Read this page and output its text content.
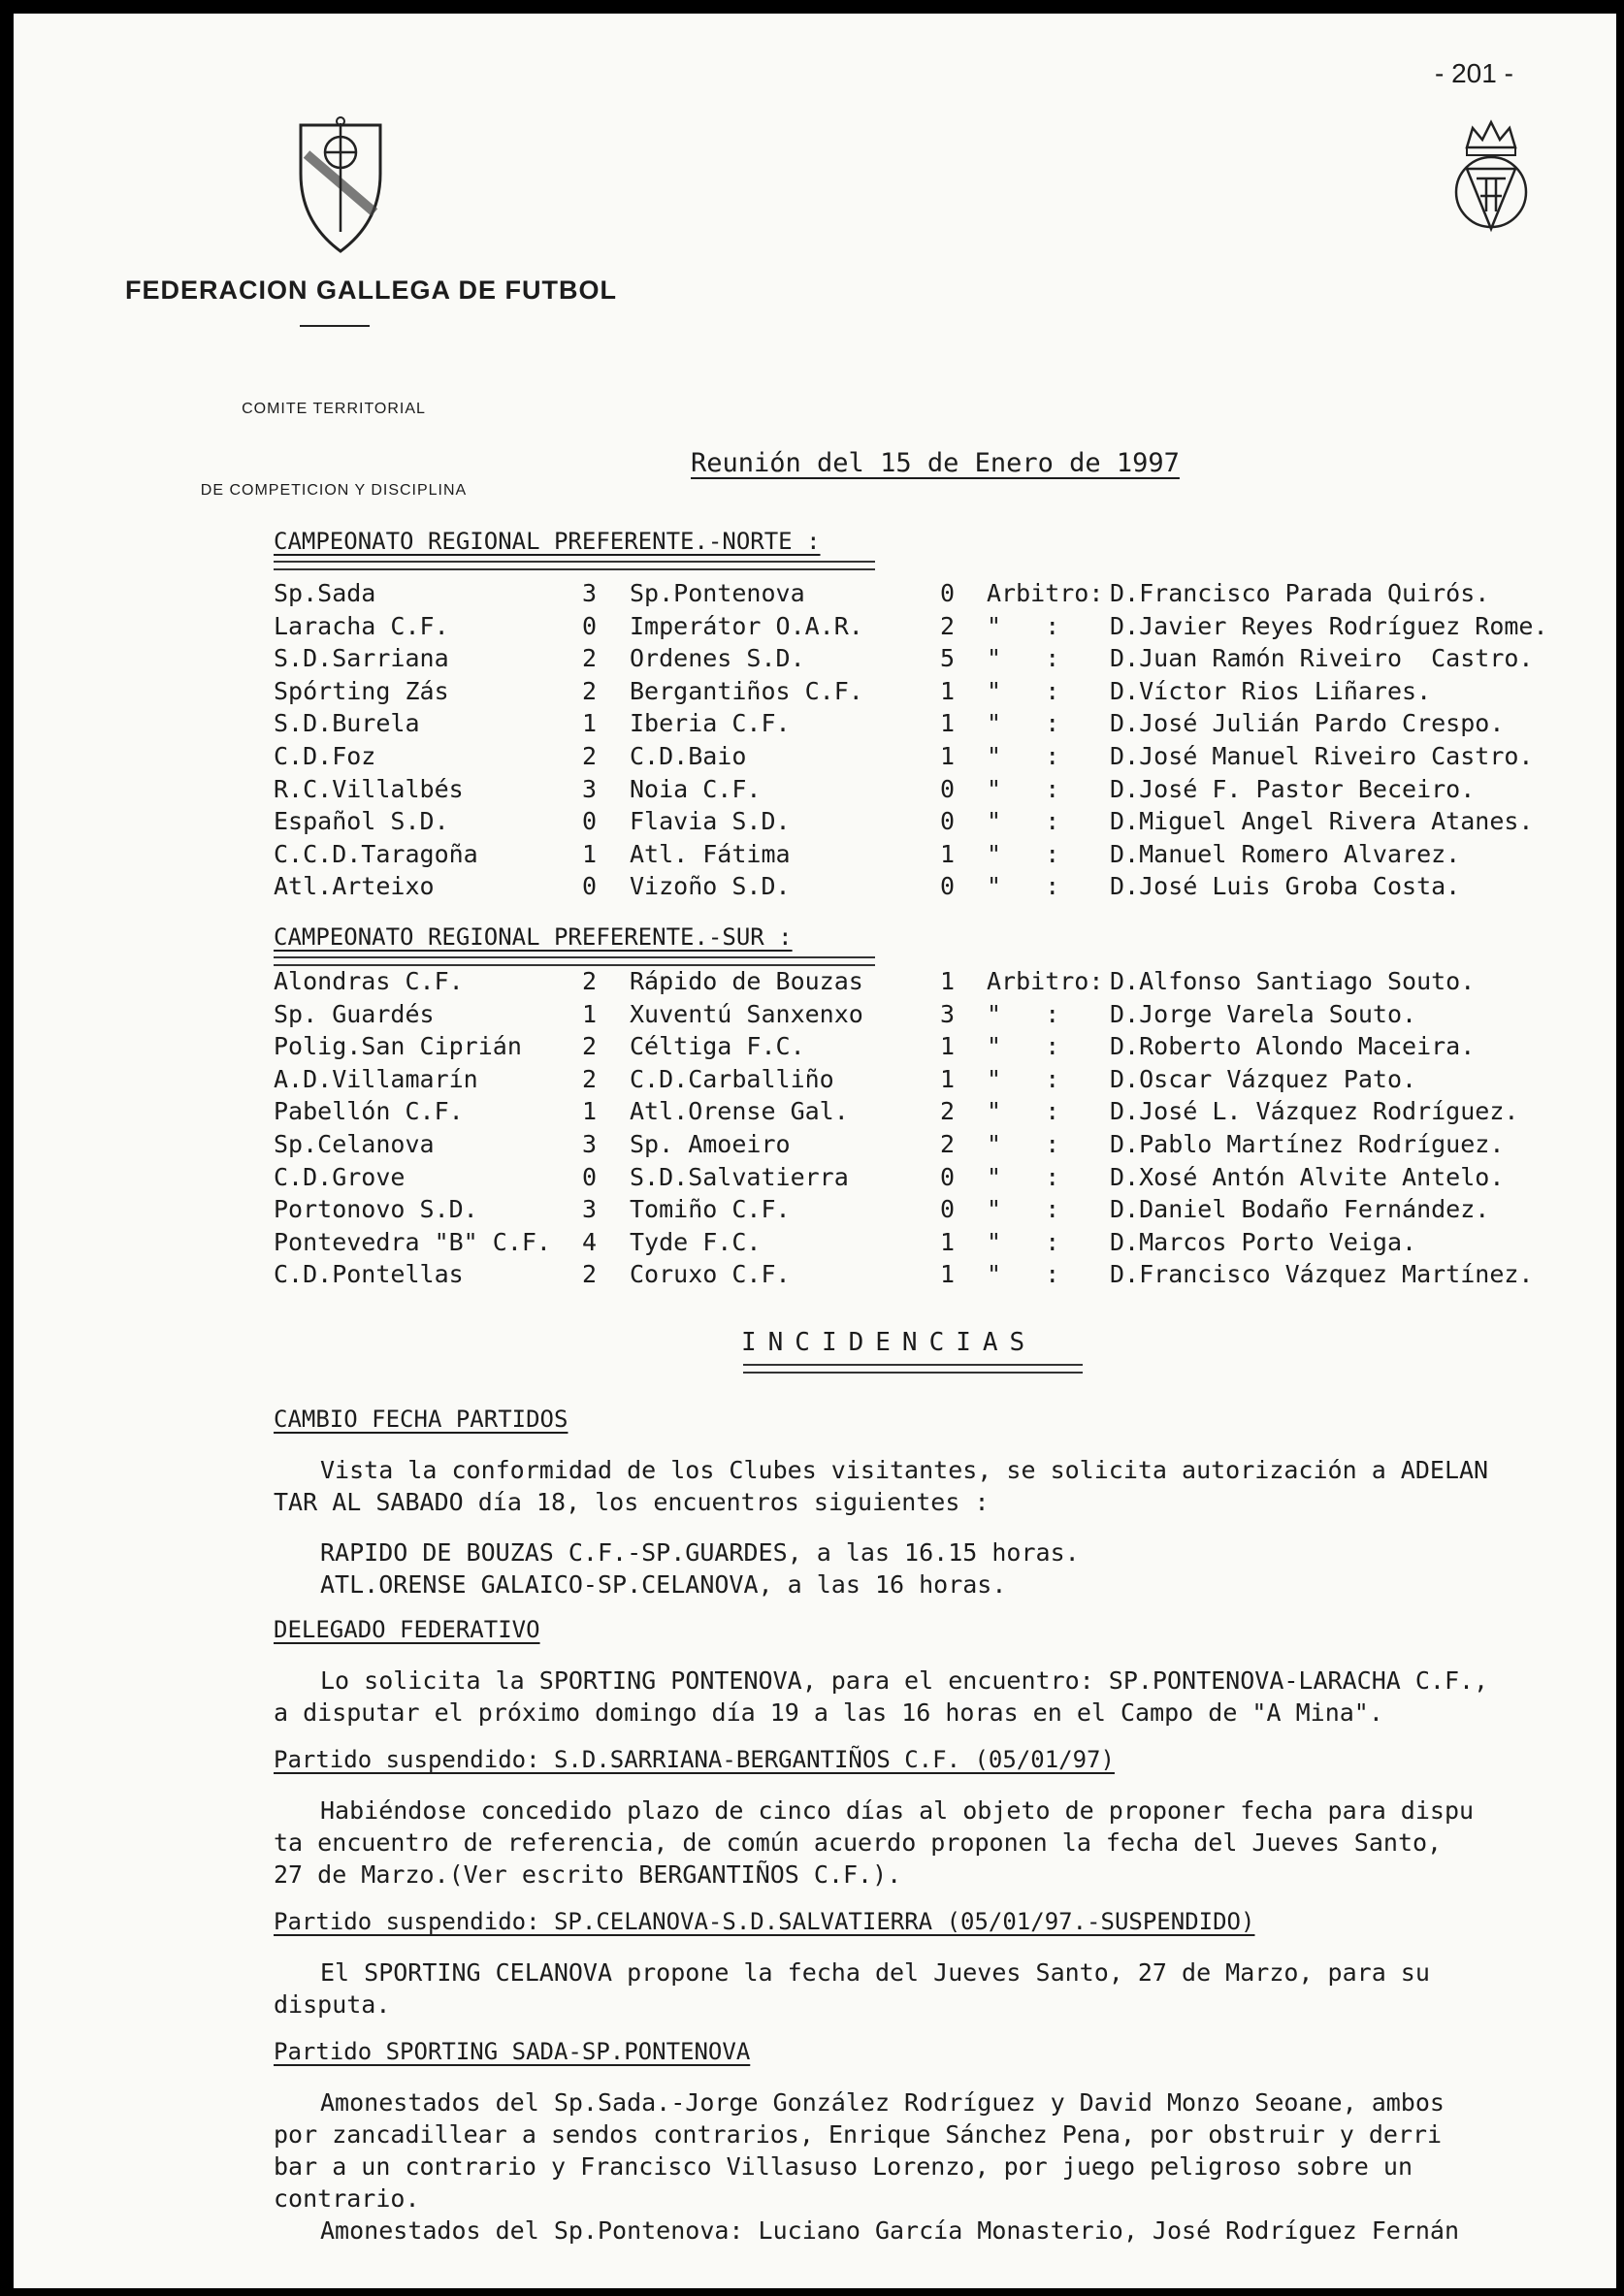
- 201 -
FEDERACION GALLEGA DE FUTBOL

COMITE TERRITORIAL

DE COMPETICION Y DISCIPLINA

Reunión del 15 de Enero de 1997
CAMPEONATO REGIONAL PREFERENTE.-NORTE :
Sp.Sada	3 Sp.Pontenova	0 Arbitro: D.Francisco Parada Quirós.
Laracha C.F.	0 Imperátor O.A.R.	2 "   : D.Javier Reyes Rodríguez Rome.
S.D.Sarriana	2 Ordenes S.D.	5 "   : D.Juan Ramón Riveiro  Castro.
Spórting Zás	2 Bergantiños C.F.	1 "   : D.Víctor Rios Liñares.
S.D.Burela	1 Iberia C.F.	1 "   : D.José Julián Pardo Crespo.
C.D.Foz	2 C.D.Baio	1 "   : D.José Manuel Riveiro Castro.
R.C.Villalbés	3 Noia C.F.	0 "   : D.José F. Pastor Beceiro.
Español S.D.	0 Flavia S.D.	0 "   : D.Miguel Angel Rivera Atanes.
C.C.D.Taragoña	1 Atl. Fátima	1 "   : D.Manuel Romero Alvarez.
Atl.Arteixo	0 Vizoño S.D.	0 "   : D.José Luis Groba Costa.
CAMPEONATO REGIONAL PREFERENTE.-SUR :
Alondras C.F.	2 Rápido de Bouzas	1 Arbitro: D.Alfonso Santiago Souto.
Sp. Guardés	1 Xuventú Sanxenxo	3 "   : D.Jorge Varela Souto.
Polig.San Ciprián 2 Céltiga F.C.	1 "   : D.Roberto Alondo Maceira.
A.D.Villamarín	2 C.D.Carballiño	1 "   : D.Oscar Vázquez Pato.
Pabellón C.F.	1 Atl.Orense Gal.	2 "   : D.José L. Vázquez Rodríguez.
Sp.Celanova	3 Sp. Amoeiro	2 "   : D.Pablo Martínez Rodríguez.
C.D.Grove	0 S.D.Salvatierra	0 "   : D.Xosé Antón Alvite Antelo.
Portonovo S.D.	3 Tomiño C.F.	0 "   : D.Daniel Bodaño Fernández.
Pontevedra "B" C.F. 4 Tyde F.C.	1 "   : D.Marcos Porto Veiga.
C.D.Pontellas	2 Coruxo C.F.	1 "   : D.Francisco Vázquez Martínez.
INCIDENCIAS
CAMBIO FECHA PARTIDOS
Vista la conformidad de los Clubes visitantes, se solicita autorización a ADELAN
TAR AL SABADO día 18, los encuentros siguientes :
RAPIDO DE BOUZAS C.F.-SP.GUARDES, a las 16.15 horas.
ATL.ORENSE GALAICO-SP.CELANOVA, a las 16 horas.
DELEGADO FEDERATIVO
Lo solicita la SPORTING PONTENOVA, para el encuentro: SP.PONTENOVA-LARACHA C.F.,
a disputar el próximo domingo día 19 a las 16 horas en el Campo de "A Mina".
Partido suspendido: S.D.SARRIANA-BERGANTIÑOS C.F. (05/01/97)
Habiéndose concedido plazo de cinco días al objeto de proponer fecha para dispu
ta encuentro de referencia, de común acuerdo proponen la fecha del Jueves Santo,
27 de Marzo.(Ver escrito BERGANTIÑOS C.F.).
Partido suspendido: SP.CELANOVA-S.D.SALVATIERRA (05/01/97.-SUSPENDIDO)
El SPORTING CELANOVA propone la fecha del Jueves Santo, 27 de Marzo, para su
disputa.
Partido SPORTING SADA-SP.PONTENOVA
Amonestados del Sp.Sada.-Jorge González Rodríguez y David Monzo Seoane, ambos
por zancadillear a sendos contrarios, Enrique Sánchez Pena, por obstruir y derri
bar a un contrario y Francisco Villasuso Lorenzo, por juego peligroso sobre un
contrario.
Amonestados del Sp.Pontenova: Luciano García Monasterio, José Rodríguez Fernán
